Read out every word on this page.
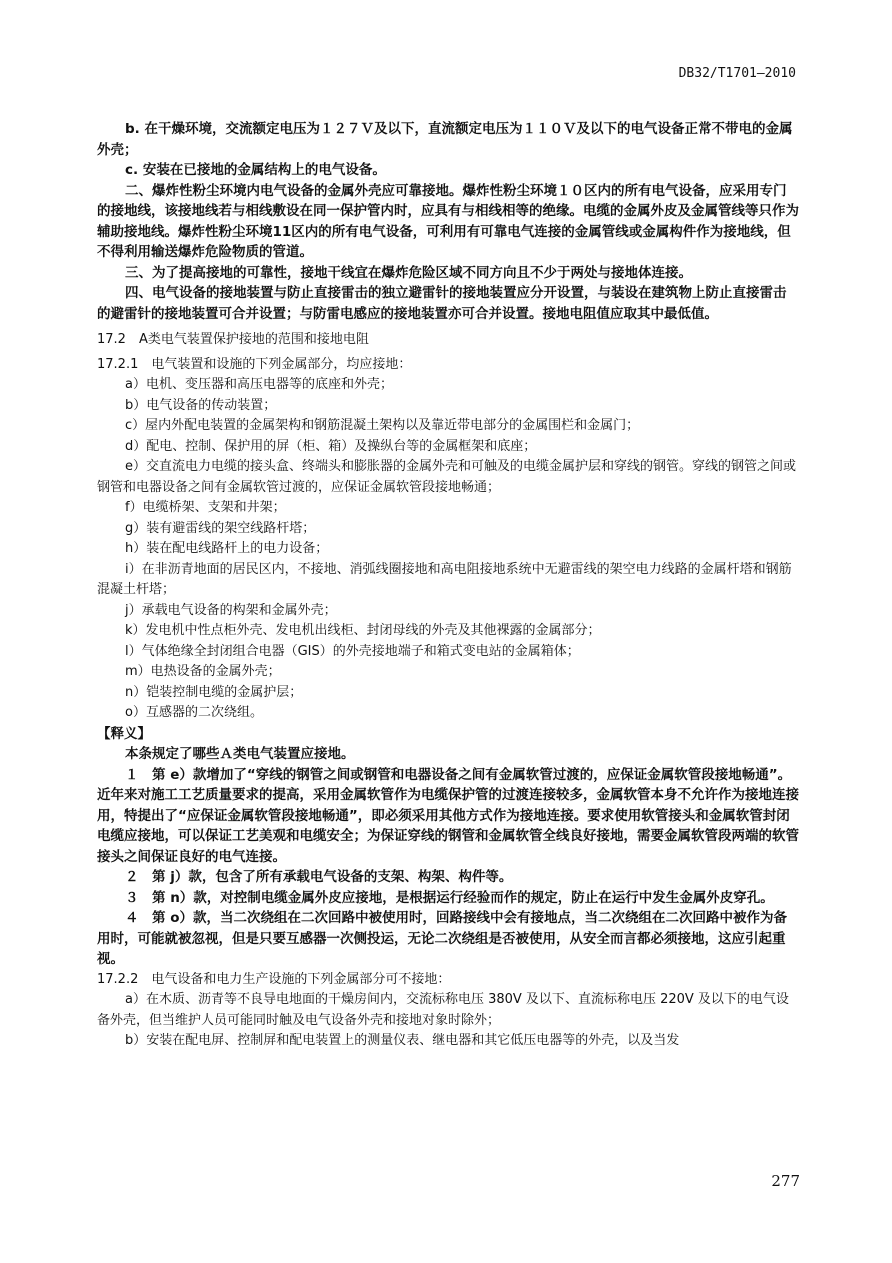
DB32/T1701—2010

b. 在干燥环境，交流额定电压为１２７Ｖ及以下，直流额定电压为１１０Ｖ及以下的电气设备正常不带电的金属外壳；

c. 安装在已接地的金属结构上的电气设备。

二、爆炸性粉尘环境内电气设备的金属外壳应可靠接地。爆炸性粉尘环境１０区内的所有电气设备，应采用专门的接地线，该接地线若与相线敷设在同一保护管内时，应具有与相线相等的绝缘。电缆的金属外皮及金属管线等只作为辅助接地线。爆炸性粉尘环境11区内的所有电气设备，可利用有可靠电气连接的金属管线或金属构件作为接地线，但不得利用输送爆炸危险物质的管道。

三、为了提高接地的可靠性，接地干线宜在爆炸危险区域不同方向且不少于两处与接地体连接。

四、电气设备的接地装置与防止直接雷击的独立避雷针的接地装置应分开设置，与装设在建筑物上防止直接雷击的避雷针的接地装置可合并设置；与防雷电感应的接地装置亦可合并设置。接地电阻值应取其中最低值。

17.2　A类电气装置保护接地的范围和接地电阻

17.2.1　电气装置和设施的下列金属部分，均应接地：

a）电机、变压器和高压电器等的底座和外壳；

b）电气设备的传动装置；

c）屋内外配电装置的金属架构和钢筋混凝土架构以及靠近带电部分的金属围栏和金属门；

d）配电、控制、保护用的屏（柜、箱）及操纵台等的金属框架和底座；

e）交直流电力电缆的接头盒、终端头和膨胀器的金属外壳和可触及的电缆金属护层和穿线的钢管。穿线的钢管之间或钢管和电器设备之间有金属软管过渡的，应保证金属软管段接地畅通；

f）电缆桥架、支架和井架；

g）装有避雷线的架空线路杆塔；

h）装在配电线路杆上的电力设备；

i）在非沥青地面的居民区内，不接地、消弧线圈接地和高电阻接地系统中无避雷线的架空电力线路的金属杆塔和钢筋混凝土杆塔；

j）承载电气设备的构架和金属外壳；

k）发电机中性点柜外壳、发电机出线柜、封闭母线的外壳及其他裸露的金属部分；

l）气体绝缘全封闭组合电器（GIS）的外壳接地端子和箱式变电站的金属箱体；

m）电热设备的金属外壳；

n）铠装控制电缆的金属护层；

o）互感器的二次绕组。

【释义】

本条规定了哪些Ａ类电气装置应接地。

１　第 e）款增加了“穿线的钢管之间或钢管和电器设备之间有金属软管过渡的，应保证金属软管段接地畅通”。近年来对施工工艺质量要求的提高，采用金属软管作为电缆保护管的过渡连接较多，金属软管本身不允许作为接地连接用，特提出了“应保证金属软管段接地畅通”，即必须采用其他方式作为接地连接。要求使用软管接头和金属软管封闭电缆应接地，可以保证工艺美观和电缆安全；为保证穿线的钢管和金属软管全线良好接地，需要金属软管段两端的软管接头之间保证良好的电气连接。

２　第 j）款，包含了所有承载电气设备的支架、构架、构件等。

３　第 n）款，对控制电缆金属外皮应接地，是根据运行经验而作的规定，防止在运行中发生金属外皮穿孔。

４　第 o）款，当二次绕组在二次回路中被使用时，回路接线中会有接地点，当二次绕组在二次回路中被作为备用时，可能就被忽视，但是只要互感器一次侧投运，无论二次绕组是否被使用，从安全而言都必须接地，这应引起重视。

17.2.2　电气设备和电力生产设施的下列金属部分可不接地：

a）在木质、沥青等不良导电地面的干燥房间内，交流标称电压 380V 及以下、直流标称电压 220V 及以下的电气设备外壳，但当维护人员可能同时触及电气设备外壳和接地对象时除外；

b）安装在配电屏、控制屏和配电装置上的测量仪表、继电器和其它低压电器等的外壳，以及当发

277
